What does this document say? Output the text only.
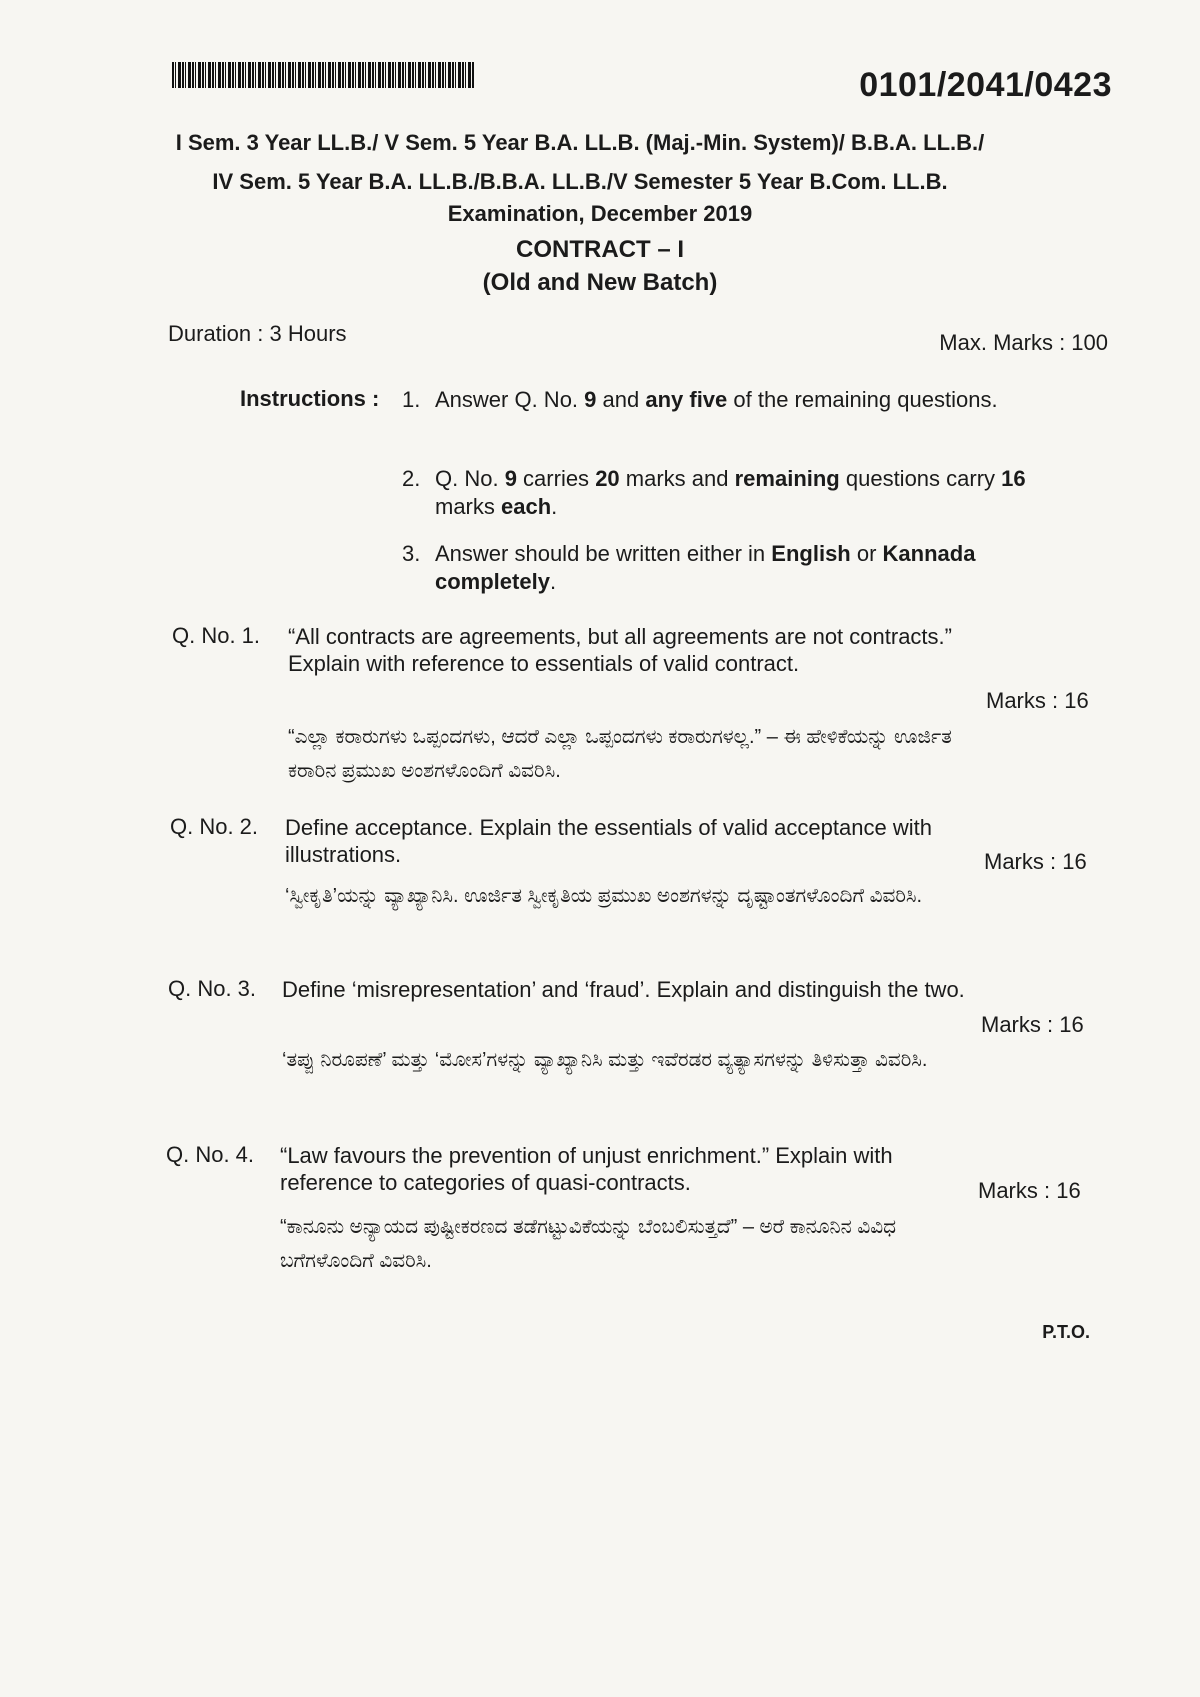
0101/2041/0423
I Sem. 3 Year LL.B./ V Sem. 5 Year B.A. LL.B. (Maj.-Min. System)/ B.B.A. LL.B./
IV Sem. 5 Year B.A. LL.B./B.B.A. LL.B./V Semester 5 Year B.Com. LL.B.
Examination, December 2019
CONTRACT – I
(Old and New Batch)
Duration : 3 Hours	Max. Marks : 100
Instructions : 1. Answer Q. No. 9 and any five of the remaining questions.
2. Q. No. 9 carries 20 marks and remaining questions carry 16 marks each.
3. Answer should be written either in English or Kannada completely.
Q. No. 1. “All contracts are agreements, but all agreements are not contracts.” Explain with reference to essentials of valid contract.
“ಎಲ್ಲಾ ಕರಾರುಗಳು ಒಪ್ಪಂದಗಳು, ಆದರೆ ಎಲ್ಲಾ ಒಪ್ಪಂದಗಳು ಕರಾರುಗಳಲ್ಲ.” – ಈ ಹೇಳಿಕೆಯನ್ನು ಊರ್ಜಿತ ಕರಾರಿನ ಪ್ರಮುಖ ಅಂಶಗಳೊಂದಿಗೆ ವಿವರಿಸಿ.
Marks : 16
Q. No. 2. Define acceptance. Explain the essentials of valid acceptance with illustrations.
‘ಸ್ವೀಕೃತಿ’ಯನ್ನು ವ್ಯಾಖ್ಯಾನಿಸಿ. ಊರ್ಜಿತ ಸ್ವೀಕೃತಿಯ ಪ್ರಮುಖ ಅಂಶಗಳನ್ನು ದೃಷ್ಟಾಂತಗಳೊಂದಿಗೆ ವಿವರಿಸಿ.
Marks : 16
Q. No. 3. Define ‘misrepresentation’ and ‘fraud’. Explain and distinguish the two.
‘ತಪ್ಪು ನಿರೂಪಣೆ’ ಮತ್ತು ‘ಮೋಸ’ಗಳನ್ನು ವ್ಯಾಖ್ಯಾನಿಸಿ ಮತ್ತು ಇವೆರಡರ ವ್ಯತ್ಯಾಸಗಳನ್ನು ತಿಳಿಸುತ್ತಾ ವಿವರಿಸಿ.
Marks : 16
Q. No. 4. “Law favours the prevention of unjust enrichment.” Explain with reference to categories of quasi-contracts.
“ಕಾನೂನು ಅನ್ಯಾಯದ ಪುಷ್ಟೀಕರಣದ ತಡೆಗಟ್ಟುವಿಕೆಯನ್ನು ಬೆಂಬಲಿಸುತ್ತದೆ” – ಅರೆ ಕಾನೂನಿನ ವಿವಿಧ ಬಗೆಗಳೊಂದಿಗೆ ವಿವರಿಸಿ.
Marks : 16
P.T.O.
